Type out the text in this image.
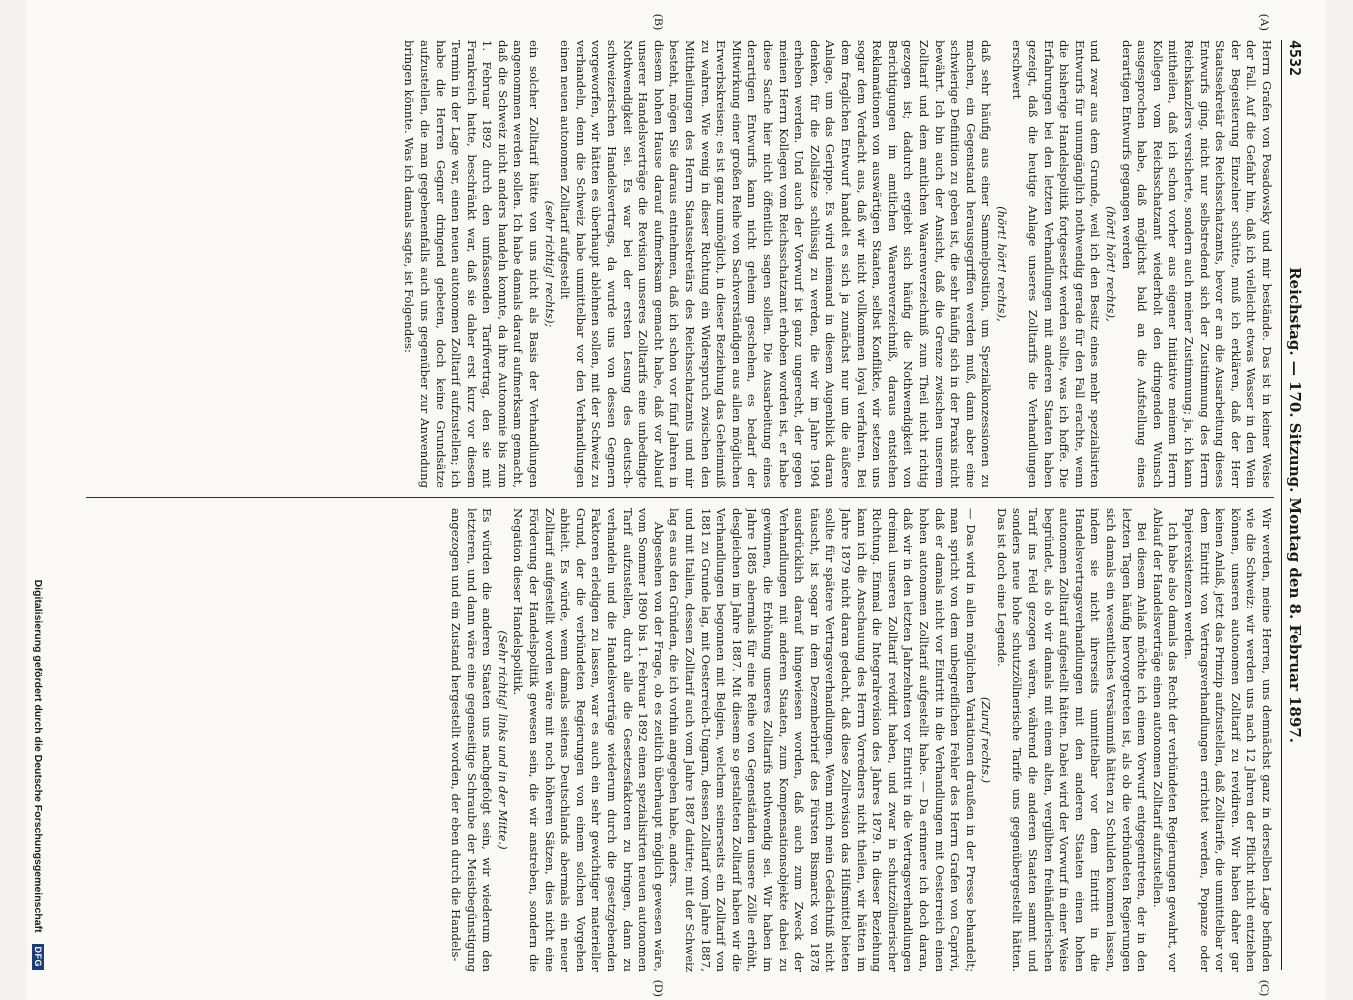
4532
Reichstag. — 170. Sitzung. Montag den 8. Februar 1897.
(A)
(B)
(C)
(D)

Herrn Grafen von Posadowsky und mir bestände. Das ist in keiner Weise der Fall. Auf die Gefahr hin, daß ich vielleicht etwas Wasser in den Wein der Begeisterung Einzelner schütte, muß ich erklären, daß der Herr Staatssekretär des Reichsschatzamts, bevor er an die Ausarbeitung dieses Entwurfs ging, nicht nur selbstredend sich der Zustimmung des Herrn Reichskanzlers versicherte, sondern auch meiner Zustimmung; ja, ich kann mittheilen, daß ich schon vorher aus eigener Initiative meinem Herrn Kollegen vom Reichsschatzamt wiederholt den dringenden Wunsch ausgesprochen habe, daß möglichst bald an die Aufstellung eines derartigen Entwurfs gegangen werden

(hört! hört! rechts),

und zwar aus dem Grunde, weil ich den Besitz eines mehr spezialisirten Entwurfs für unumgänglich nothwendig gerade für den Fall erachte, wenn die bisherige Handelspolitik fortgesetzt werden sollte, was ich hoffe. Die Erfahrungen bei den letzten Verhandlungen mit anderen Staaten haben gezeigt, daß die heutige Anlage unseres Zolltarifs die Verhandlungen erschwert

(hört! hört! rechts),

daß sehr häufig aus einer Sammelposition, um Spezialkonzessionen zu machen, ein Gegenstand herausgegriffen werden muß, dann aber eine schwierige Definition zu geben ist, die sehr häufig sich in der Praxis nicht bewährt. Ich bin auch der Ansicht, daß die Grenze zwischen unserem Zolltarif und dem amtlichen Waarenverzeichniß zum Theil nicht richtig gezogen ist; dadurch ergiebt sich häufig die Nothwendigkeit von Berichtigungen im amtlichen Waarenverzeichniß, daraus entstehen Reklamationen von auswärtigen Staaten, selbst Konflikte, wir setzen uns sogar dem Verdacht aus, daß wir nicht vollkommen loyal verfahren. Bei dem fraglichen Entwurf handelt es sich ja zunächst nur um die äußere Anlage, um das Gerippe. Es wird niemand in diesem Augenblick daran denken, für die Zollsätze schlüssig zu werden, die wir im Jahre 1904 erheben werden. Und auch der Vorwurf ist ganz ungerecht, der gegen meinen Herrn Kollegen vom Reichsschatzamt erhoben worden ist, er habe diese Sache hier nicht öffentlich sagen sollen. Die Ausarbeitung eines derartigen Entwurfs kann nicht geheim geschehen, es bedarf der Mitwirkung einer großen Reihe von Sachverständigen aus allen möglichen Erwerbskreisen; es ist ganz unmöglich, in dieser Beziehung das Geheimniß zu wahren. Wie wenig in dieser Richtung ein Widerspruch zwischen den Mittheilungen des Herrn Staatssekretärs des Reichsschatzamts und mir besteht, mögen Sie daraus entnehmen, daß ich schon vor fünf Jahren in diesem hohen Hause darauf aufmerksam gemacht habe, daß vor Ablauf unserer Handelsverträge die Revision unseres Zolltarifs eine unbedingte Nothwendigkeit sei. Es war bei der ersten Lesung des deutsch-schweizerischen Handelsvertrags, da wurde uns von dessen Gegnern vorgeworfen, wir hätten es überhaupt ablehnen sollen, mit der Schweiz zu verhandeln, denn die Schweiz habe unmittelbar vor den Verhandlungen einen neuen autonomen Zolltarif aufgestellt

(sehr richtig! rechts);

ein solcher Zolltarif hätte von uns nicht als Basis der Verhandlungen angenommen werden sollen. Ich habe damals darauf aufmerksam gemacht, daß die Schweiz nicht anders handeln konnte, da ihre Autonomie bis zum 1. Februar 1892 durch den umfassenden Tarifvertrag, den sie mit Frankreich hatte, beschränkt war, daß sie daher erst kurz vor diesem Termin in der Lage war, einen neuen autonomen Zolltarif aufzustellen; ich habe die Herren Gegner dringend gebeten, doch keine Grundsätze aufzustellen, die man gegebenenfalls auch uns gegenüber zur Anwendung bringen könnte. Was ich damals sagte, ist Folgendes:

Wir werden, meine Herren, uns demnächst ganz in derselben Lage befinden wie die Schweiz: wir werden uns nach 12 Jahren der Pflicht nicht entziehen können, unseren autonomen Zolltarif zu revidiren. Wir haben daher gar keinen Anlaß, jetzt das Prinzip aufzustellen, daß Zolltarife, die unmittelbar vor dem Eintritt von Vertragsverhandlungen errichtet werden, Popanze oder Papierexistenzen werden.

Ich habe also damals das Recht der verbündeten Regierungen gewahrt, vor Ablauf der Handelsverträge einen autonomen Zolltarif aufzustellen.

Bei diesem Anlaß möchte ich einem Vorwurf entgegentreten, der in den letzten Tagen häufig hervorgetreten ist, als ob die verbündeten Regierungen sich damals ein wesentliches Versäumniß hätten zu Schulden kommen lassen, indem sie nicht ihrerseits unmittelbar vor dem Eintritt in die Handelsvertragsverhandlungen mit den anderen Staaten einen hohen autonomen Zolltarif aufgestellt hätten. Dabei wird der Vorwurf in einer Weise begründet, als ob wir damals mit einem alten, vergilbten freihändlerischen Tarif ins Feld gezogen wären, während die anderen Staaten sammt und sonders neue hohe schutzzöllnerische Tarife uns gegenübergestellt hätten. Das ist doch eine Legende.

(Zuruf rechts.)

— Das wird in allen möglichen Variationen draußen in der Presse behandelt; man spricht von dem unbegreiflichen Fehler des Herrn Grafen von Caprivi, daß er damals nicht vor Eintritt in die Verhandlungen mit Oesterreich einen hohen autonomen Zolltarif aufgestellt habe. — Da erinnere ich doch daran, daß wir in den letzten Jahrzehnten vor Eintritt in die Vertragsverhandlungen dreimal unseren Zolltarif revidirt haben, und zwar in schutzzöllnerischer Richtung. Einmal die Integralrevision des Jahres 1879. In dieser Beziehung kann ich die Anschauung des Herrn Vorredners nicht theilen, wir hätten im Jahre 1879 nicht daran gedacht, daß diese Zollrevision das Hilfsmittel bieten sollte für spätere Vertragsverhandlungen. Wenn mich mein Gedächtniß nicht täuscht, ist sogar in dem Dezemberbrief des Fürsten Bismarck von 1878 ausdrücklich darauf hingewiesen worden, daß auch zum Zweck der Verhandlungen mit anderen Staaten, zum Kompensationsobjekte dabei zu gewinnen, die Erhöhung unseres Zolltarifs nothwendig sei. Wir haben im Jahre 1885 abermals für eine Reihe von Gegenständen unsere Zölle erhöht, desgleichen im Jahre 1887. Mit diesem so gestalteten Zolltarif haben wir die Verhandlungen begonnen mit Belgien, welchem seinerseits ein Zolltarif von 1881 zu Grunde lag, mit Oesterreich-Ungarn, dessen Zolltarif vom Jahre 1887, und mit Italien, dessen Zolltarif auch vom Jahre 1887 datirte; mit der Schweiz lag es aus den Gründen, die ich vorhin angegeben habe, anders.

Abgesehen von der Frage, ob es zeitlich überhaupt möglich gewesen wäre, vom Sommer 1890 bis 1. Februar 1892 einen spezialisirten neuen autonomen Tarif aufzustellen, durch alle die Gesetzesfaktoren zu bringen, dann zu verhandeln und die Handelsverträge wiederum durch die gesetzgebenden Faktoren erledigen zu lassen, war es auch ein sehr gewichtiger materieller Grund, der die verbündeten Regierungen von einem solchen Vorgehen abhielt. Es würde, wenn damals seitens Deutschlands abermals ein neuer Zolltarif aufgestellt worden wäre mit noch höheren Sätzen, dies nicht eine Förderung der Handelspolitik gewesen sein, die wir anstreben, sondern die Negation dieser Handelspolitik.

(Sehr richtig! links und in der Mitte.)

Es würden die anderen Staaten uns nachgefolgt sein, wir wiederum den letzteren, und dann wäre eine gegenseitige Schraube der Meistbegünstigung angezogen und ein Zustand hergestellt worden, der eben durch die Handels-

Digitalisierung gefördert durch die Deutsche Forschungsgemeinschaft DFG
